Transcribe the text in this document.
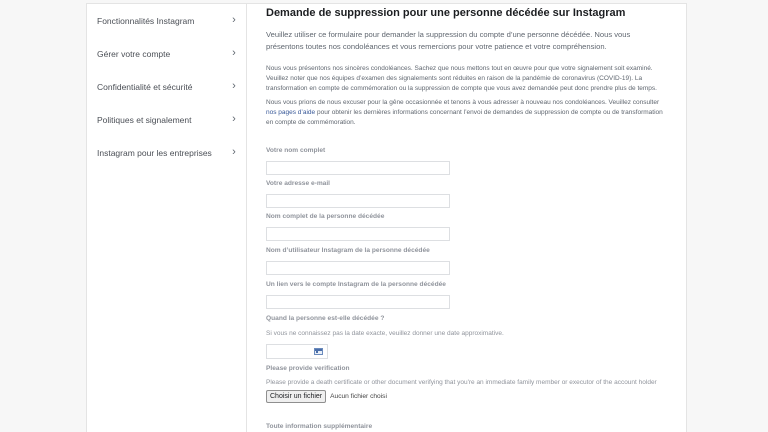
Fonctionnalités Instagram	›
Gérer votre compte	›
Confidentialité et sécurité	›
Politiques et signalement	›
Instagram pour les entreprises	›
Demande de suppression pour une personne décédée sur Instagram

Veuillez utiliser ce formulaire pour demander la suppression du compte d’une personne décédée. Nous vous présentons toutes nos condoléances et vous remercions pour votre patience et votre compréhension.

Nous vous présentons nos sincères condoléances. Sachez que nous mettons tout en œuvre pour que votre signalement soit examiné. Veuillez noter que nos équipes d’examen des signalements sont réduites en raison de la pandémie de coronavirus (COVID-19). La transformation en compte de commémoration ou la suppression de compte que vous avez demandée peut donc prendre plus de temps.

Nous vous prions de nous excuser pour la gêne occasionnée et tenons à vous adresser à nouveau nos condoléances. Veuillez consulter nos pages d’aide pour obtenir les dernières informations concernant l’envoi de demandes de suppression de compte ou de transformation en compte de commémoration.

Votre nom complet
Votre adresse e-mail
Nom complet de la personne décédée
Nom d’utilisateur Instagram de la personne décédée
Un lien vers le compte Instagram de la personne décédée
Quand la personne est-elle décédée ?
Si vous ne connaissez pas la date exacte, veuillez donner une date approximative.
Please provide verification
Please provide a death certificate or other document verifying that you're an immediate family member or executor of the account holder
Choisir un fichier	Aucun fichier choisi
Toute information supplémentaire
